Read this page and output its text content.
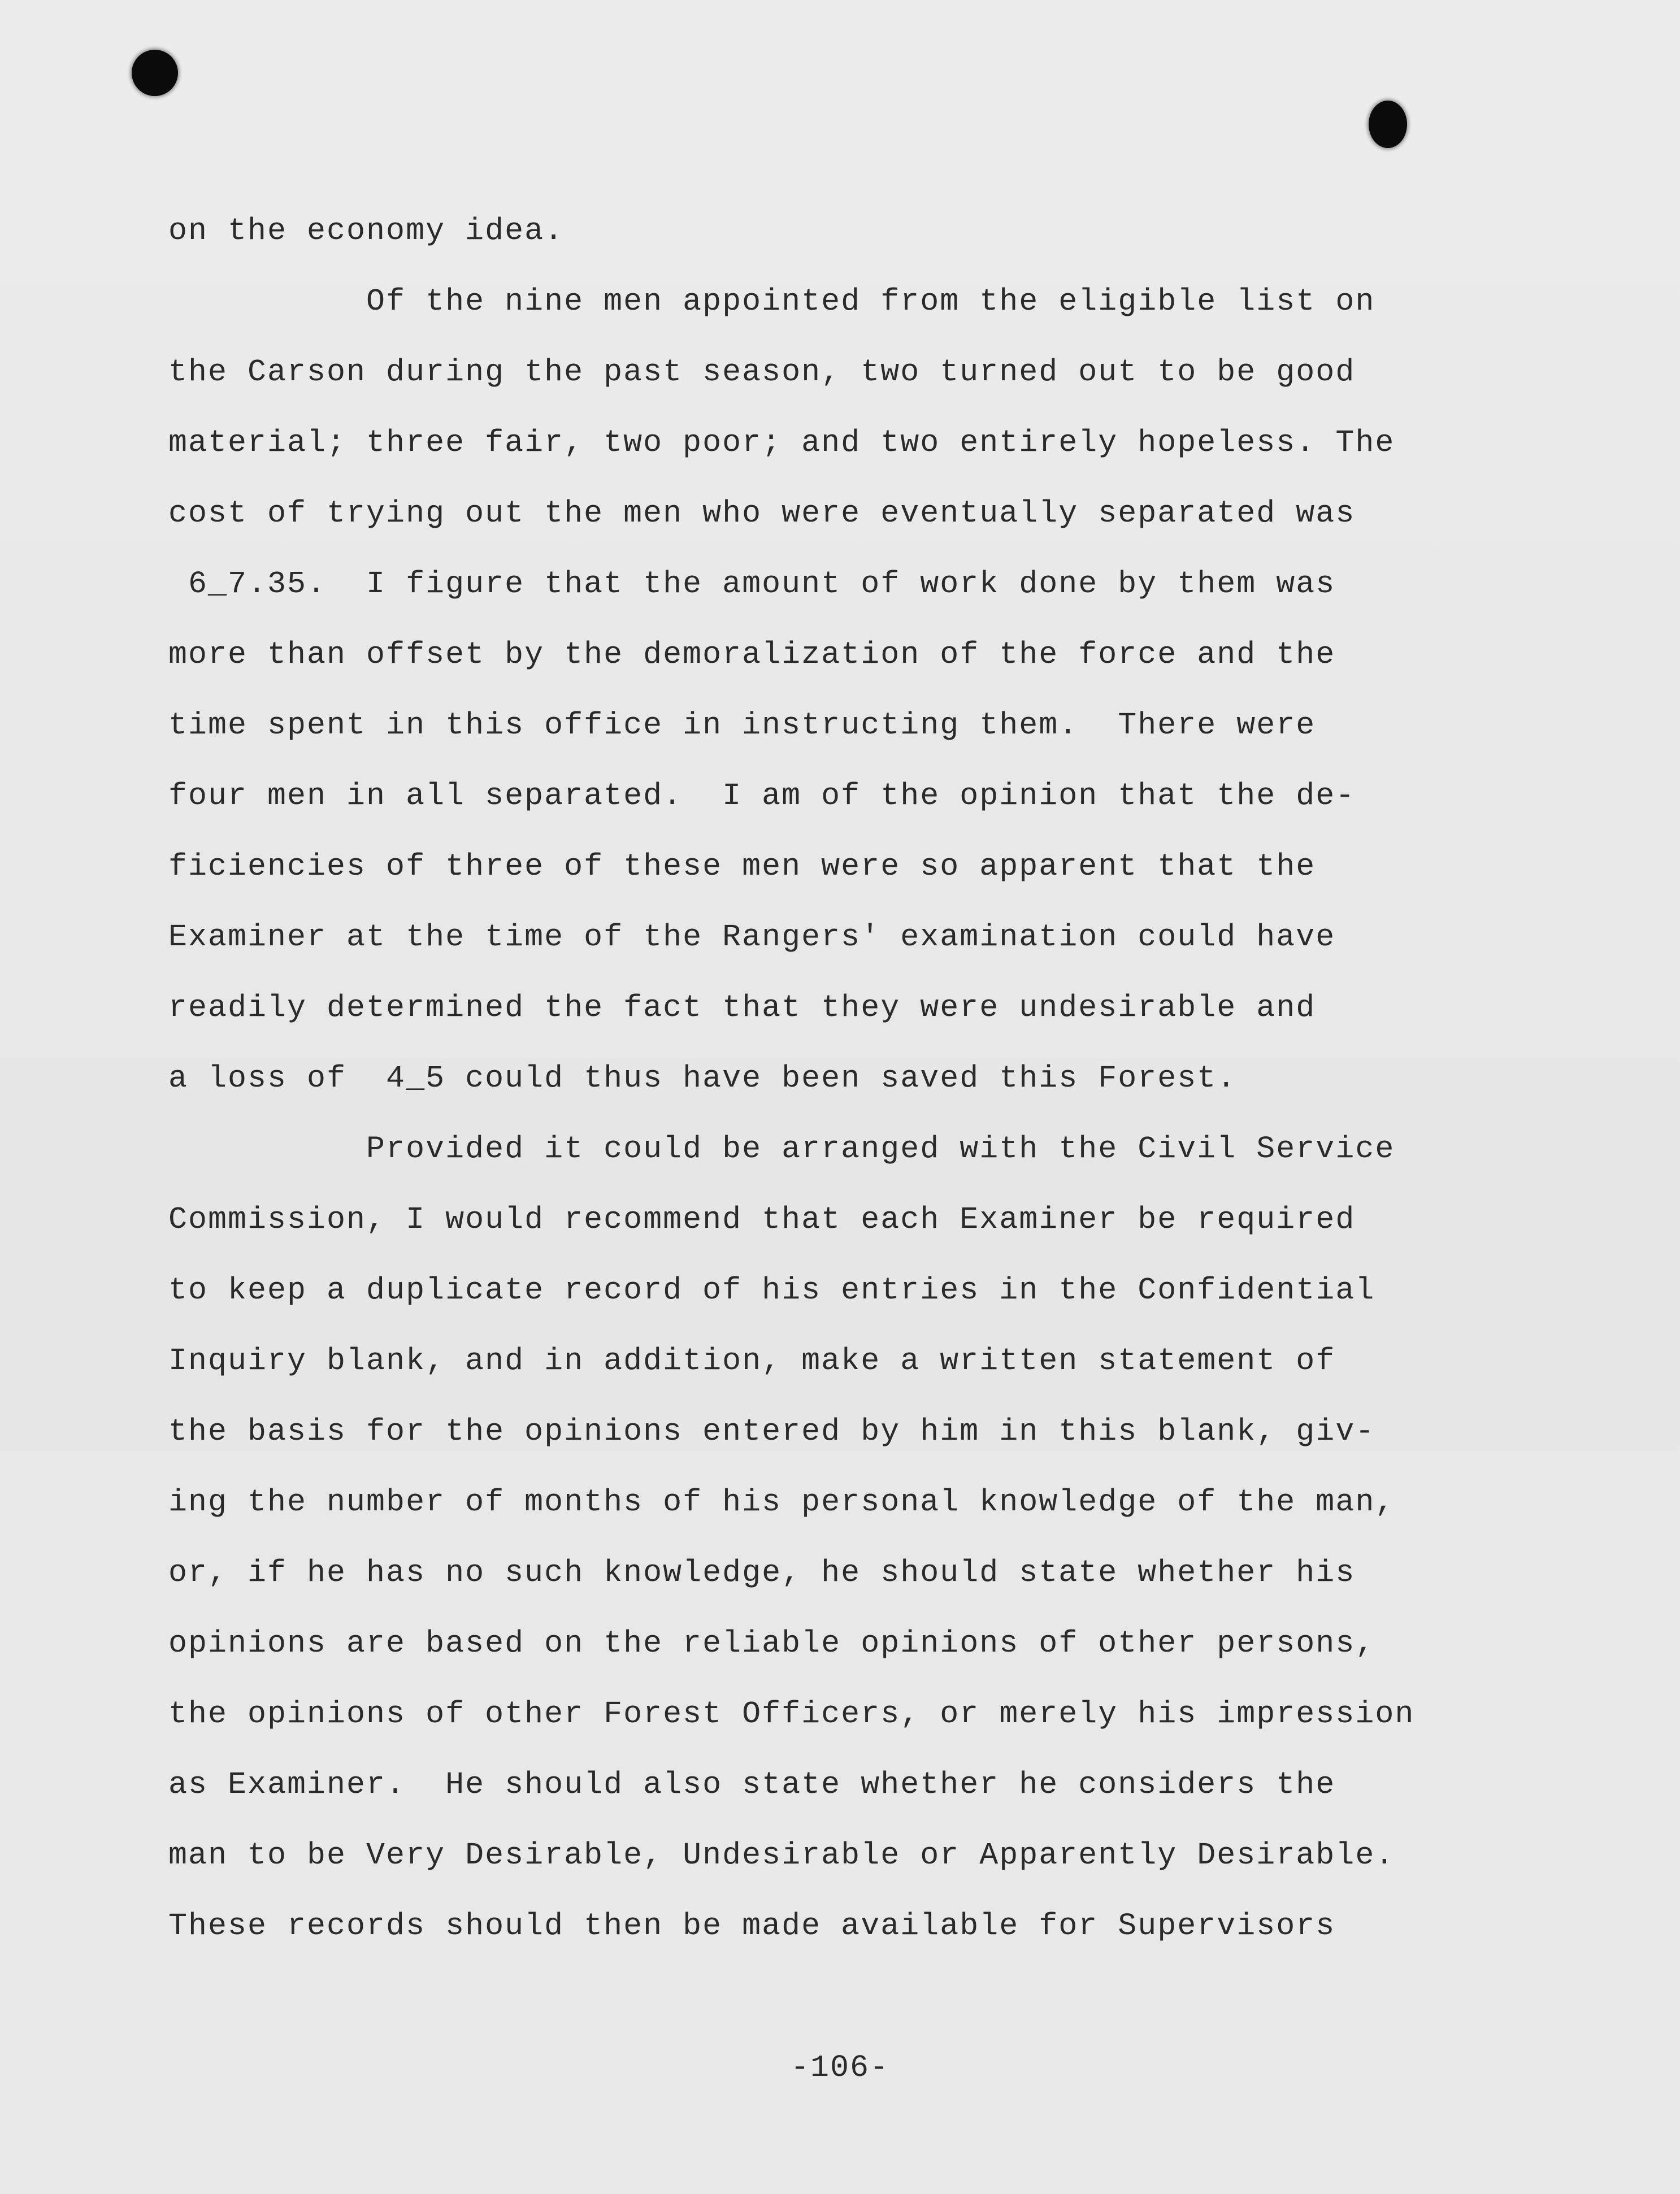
on the economy idea.

Of the nine men appointed from the eligible list on

the Carson during the past season, two turned out to be good

material; three fair, two poor; and two entirely hopeless. The

cost of trying out the men who were eventually separated was

6_7.35.  I figure that the amount of work done by them was

more than offset by the demoralization of the force and the

time spent in this office in instructing them.  There were

four men in all separated.  I am of the opinion that the de-

ficiencies of three of these men were so apparent that the

Examiner at the time of the Rangers' examination could have

readily determined the fact that they were undesirable and

a loss of  4_5 could thus have been saved this Forest.

Provided it could be arranged with the Civil Service

Commission, I would recommend that each Examiner be required

to keep a duplicate record of his entries in the Confidential

Inquiry blank, and in addition, make a written statement of

the basis for the opinions entered by him in this blank, giv-

ing the number of months of his personal knowledge of the man,

or, if he has no such knowledge, he should state whether his

opinions are based on the reliable opinions of other persons,

the opinions of other Forest Officers, or merely his impression

as Examiner.  He should also state whether he considers the

man to be Very Desirable, Undesirable or Apparently Desirable.

These records should then be made available for Supervisors

-106-
